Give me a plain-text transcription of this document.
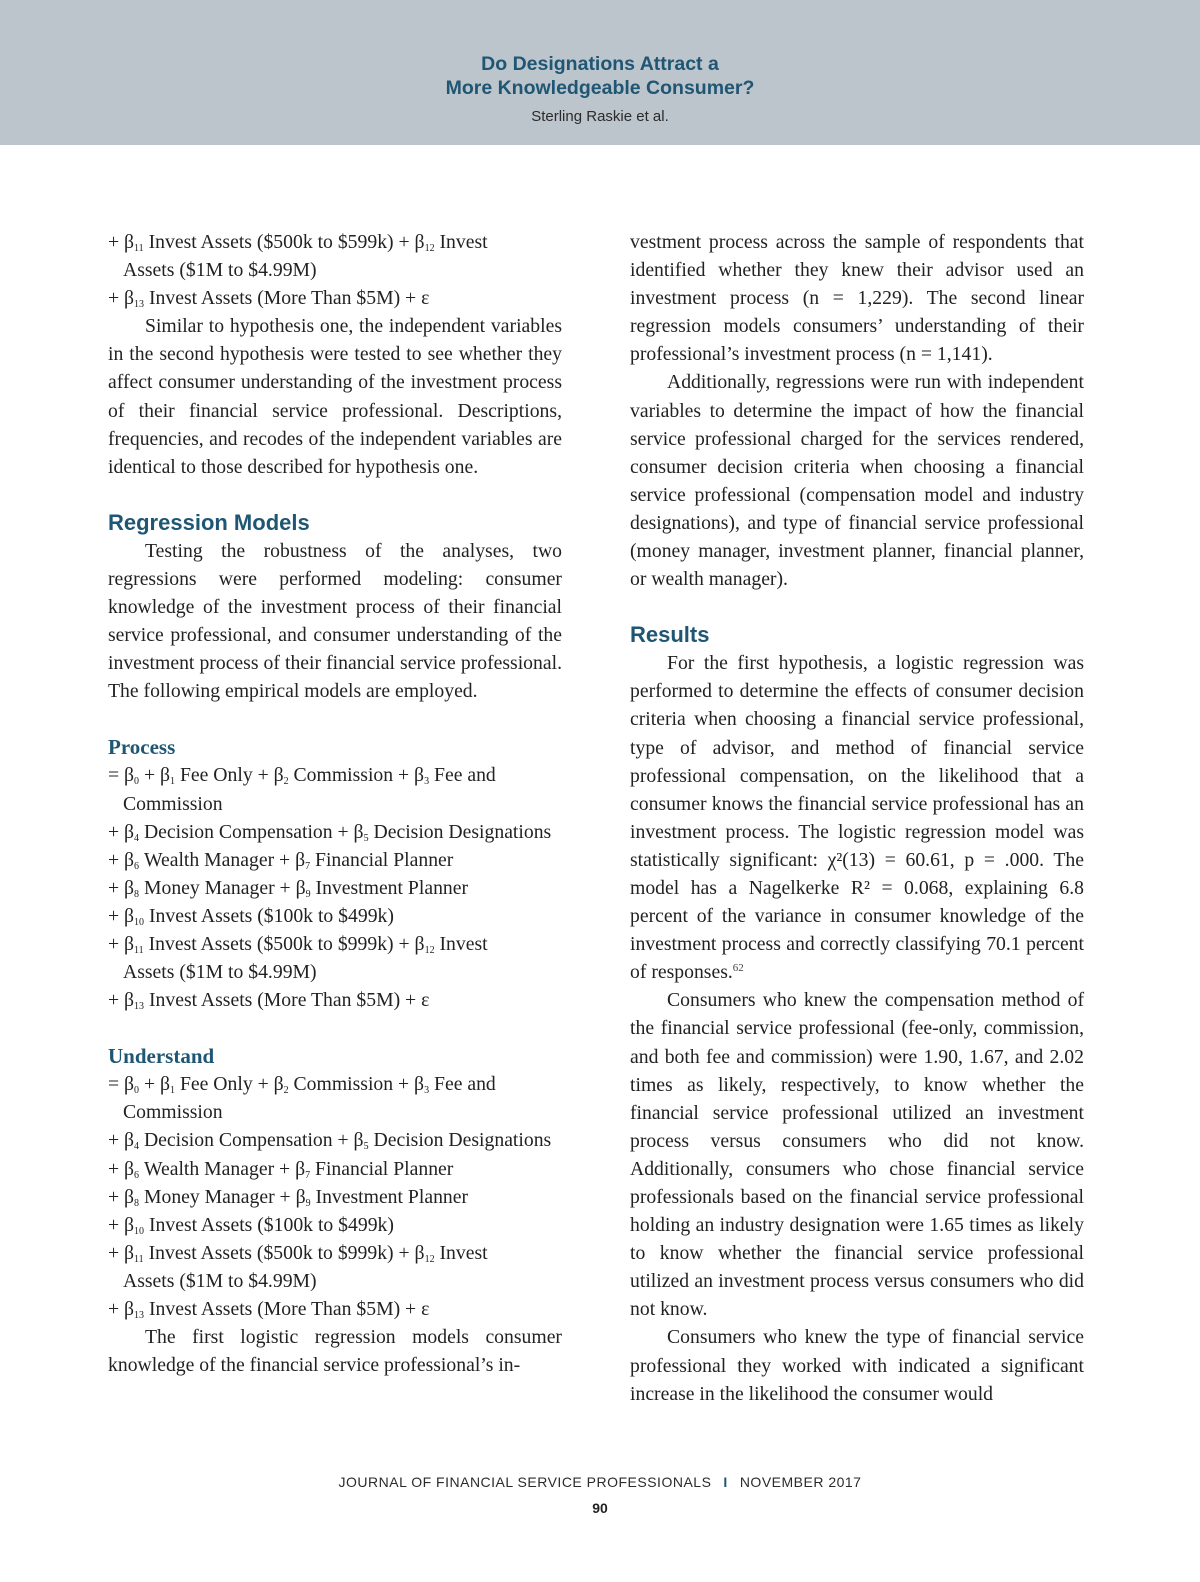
Do Designations Attract a
More Knowledgeable Consumer?
Sterling Raskie et al.
+ $\beta_{11}$ Invest Assets ($500k to $599k) + $\beta_{12}$ Invest
Assets ($1M to $4.99M)
+ $\beta_{13}$ Invest Assets (More Than $5M) + ε

Similar to hypothesis one, the independent variables in the second hypothesis were tested to see whether they affect consumer understanding of the investment process of their financial service professional. Descriptions, frequencies, and recodes of the independent variables are identical to those described for hypothesis one.

Regression Models

Testing the robustness of the analyses, two regressions were performed modeling: consumer knowledge of the investment process of their financial service professional, and consumer understanding of the investment process of their financial service professional. The following empirical models are employed.

Process
= $\beta_0 + \beta_1$ Fee Only + $\beta_2$ Commission + $\beta_3$ Fee and
Commission
+ $\beta_4$ Decision Compensation + $\beta_5$ Decision Designations
+ $\beta_6$ Wealth Manager + $\beta_7$ Financial Planner
+ $\beta_8$ Money Manager + $\beta_9$ Investment Planner
+ $\beta_{10}$ Invest Assets ($100k to $499k)
+ $\beta_{11}$ Invest Assets ($500k to $999k) + $\beta_{12}$ Invest
Assets ($1M to $4.99M)
+ $\beta_{13}$ Invest Assets (More Than $5M) + ε
Understand
= $\beta_0 + \beta_1$ Fee Only + $\beta_2$ Commission + $\beta_3$ Fee and
Commission
+ $\beta_4$ Decision Compensation + $\beta_5$ Decision Designations
+ $\beta_6$ Wealth Manager + $\beta_7$ Financial Planner
+ $\beta_8$ Money Manager + $\beta_9$ Investment Planner
+ $\beta_{10}$ Invest Assets ($100k to $499k)
+ $\beta_{11}$ Invest Assets ($500k to $999k) + $\beta_{12}$ Invest
Assets ($1M to $4.99M)
+ $\beta_{13}$ Invest Assets (More Than $5M) + ε

The first logistic regression models consumer knowledge of the financial service professional’s in-

vestment process across the sample of respondents that identified whether they knew their advisor used an investment process (n = 1,229). The second linear regression models consumers’ understanding of their professional’s investment process (n = 1,141).

Additionally, regressions were run with independent variables to determine the impact of how the financial service professional charged for the services rendered, consumer decision criteria when choosing a financial service professional (compensation model and industry designations), and type of financial service professional (money manager, investment planner, financial planner, or wealth manager).

Results

For the first hypothesis, a logistic regression was performed to determine the effects of consumer decision criteria when choosing a financial service professional, type of advisor, and method of financial service professional compensation, on the likelihood that a consumer knows the financial service professional has an investment process. The logistic regression model was statistically significant: χ²(13) = 60.61, p = .000. The model has a Nagelkerke R² = 0.068, explaining 6.8 percent of the variance in consumer knowledge of the investment process and correctly classifying 70.1 percent of responses.$^{62}$

Consumers who knew the compensation method of the financial service professional (fee-only, commission, and both fee and commission) were 1.90, 1.67, and 2.02 times as likely, respectively, to know whether the financial service professional utilized an investment process versus consumers who did not know. Additionally, consumers who chose financial service professionals based on the financial service professional holding an industry designation were 1.65 times as likely to know whether the financial service professional utilized an investment process versus consumers who did not know.

Consumers who knew the type of financial service professional they worked with indicated a significant increase in the likelihood the consumer would

JOURNAL OF FINANCIAL SERVICE PROFESSIONALS I NOVEMBER 2017
90
